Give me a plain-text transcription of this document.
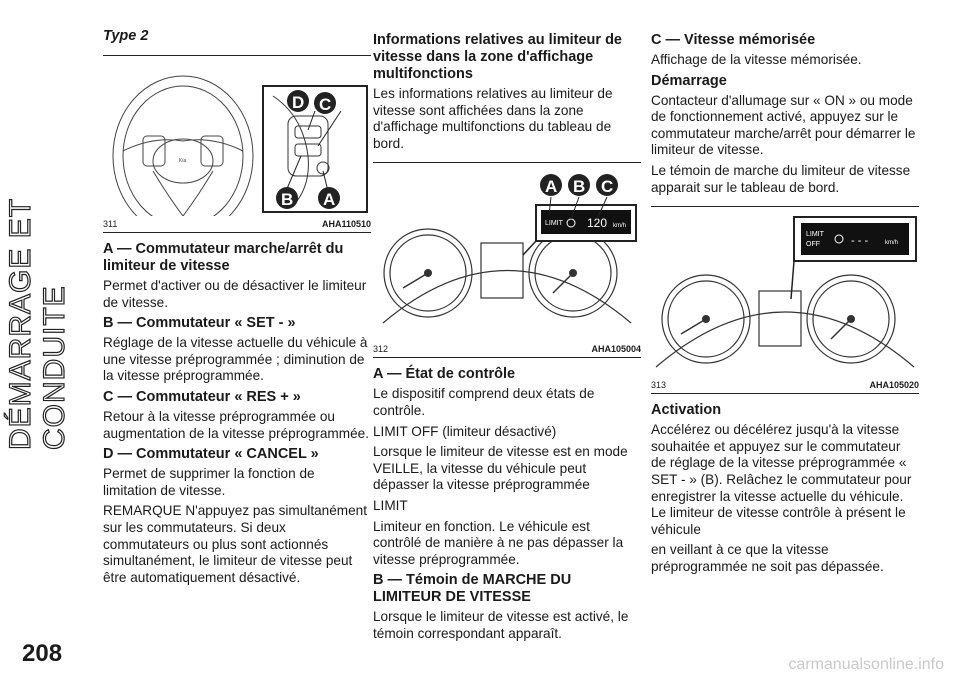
DÉMARRAGE ET CONDUITE
208	carmanualsonline.info
Type 2
Kia
D C
B A
311	AHA110510
A — Commutateur marche/arrêt du limiteur de vitesse

Permet d'activer ou de désactiver le limiteur de vitesse.

B — Commutateur « SET - »

Réglage de la vitesse actuelle du véhicule à une vitesse préprogrammée ; diminution de la vitesse préprogrammée.

C — Commutateur « RES + »

Retour à la vitesse préprogrammée ou augmentation de la vitesse préprogrammée.

D — Commutateur « CANCEL »

Permet de supprimer la fonction de limitation de vitesse.

REMARQUE N'appuyez pas simultanément sur les commutateurs. Si deux commutateurs ou plus sont actionnés simultanément, le limiteur de vitesse peut être automatiquement désactivé.

Informations relatives au limiteur de vitesse dans la zone d'affichage multifonctions

Les informations relatives au limiteur de vitesse sont affichées dans la zone d'affichage multifonctions du tableau de bord.

LIMIT 120 km/h
A B C
312	AHA105004
A — État de contrôle

Le dispositif comprend deux états de contrôle.

LIMIT OFF (limiteur désactivé)

Lorsque le limiteur de vitesse est en mode VEILLE, la vitesse du véhicule peut dépasser la vitesse préprogrammée

LIMIT

Limiteur en fonction. Le véhicule est contrôlé de manière à ne pas dépasser la vitesse préprogrammée.

B — Témoin de MARCHE DU LIMITEUR DE VITESSE

Lorsque le limiteur de vitesse est activé, le témoin correspondant apparaît.

C — Vitesse mémorisée

Affichage de la vitesse mémorisée.

Démarrage

Contacteur d'allumage sur « ON » ou mode de fonctionnement activé, appuyez sur le commutateur marche/arrêt pour démarrer le limiteur de vitesse.

Le témoin de marche du limiteur de vitesse apparait sur le tableau de bord.

LIMIT
OFF	- - -	km/h
313	AHA105020
Activation

Accélérez ou décélérez jusqu'à la vitesse souhaitée et appuyez sur le commutateur de réglage de la vitesse préprogrammée « SET - » (B). Relâchez le commutateur pour enregistrer la vitesse actuelle du véhicule. Le limiteur de vitesse contrôle à présent le véhicule

en veillant à ce que la vitesse préprogrammée ne soit pas dépassée.
